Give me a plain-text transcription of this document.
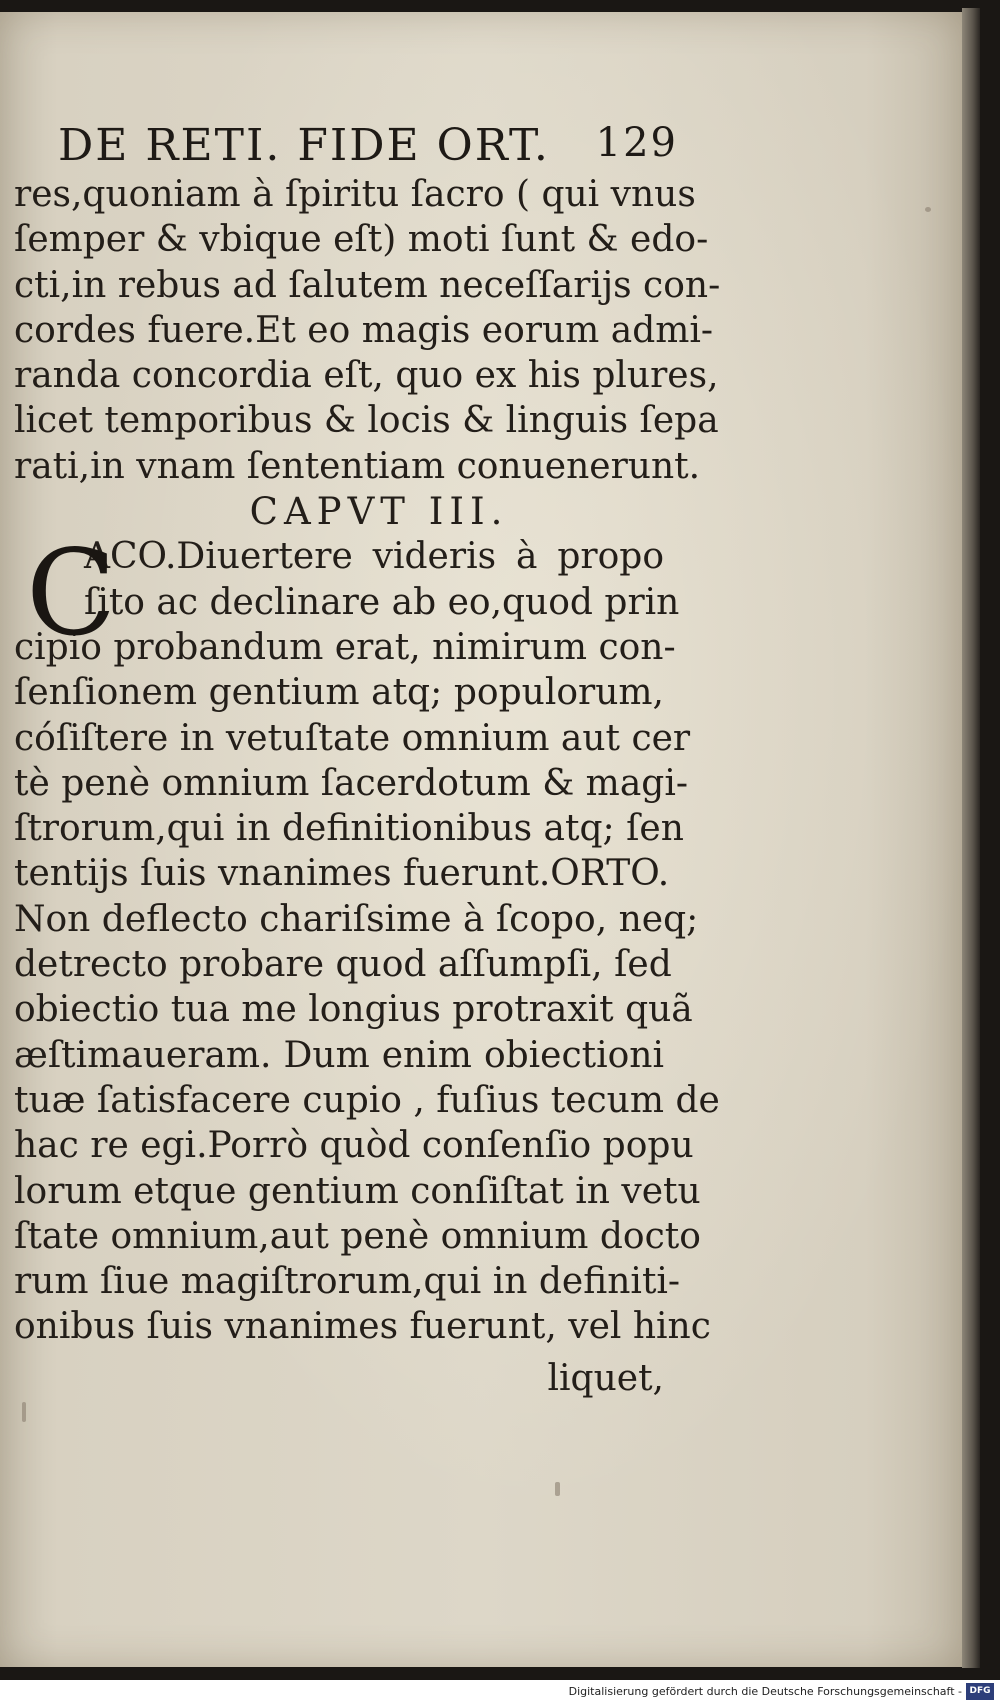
DE RETI. FIDE ORT. 129
res,quoniam à ſpiritu ſacro ( qui vnus
ſemper & vbique eſt) moti ſunt & edo-
cti,in rebus ad ſalutem neceſſarijs con-
cordes fuere.Et eo magis eorum admi-
randa concordia eſt, quo ex his plures,
licet temporibus & locis & linguis ſepa
rati,in vnam ſententiam conuenerunt.
CAPVT III.
C
ACO.Diuertere videris à propo
ſito ac declinare ab eo,quod prin
cipio probandum erat, nimirum con-
ſenſionem gentium atq; populorum,
cóſiſtere in vetuſtate omnium aut cer
tè penè omnium ſacerdotum & magi-
ſtrorum,qui in definitionibus atq; ſen
tentijs ſuis vnanimes fuerunt.ORTO.
Non deflecto chariſsime à ſcopo, neq;
detrecto probare quod aſſumpſi, ſed
obiectio tua me longius protraxit quã
æſtimaueram. Dum enim obiectioni
tuæ ſatisfacere cupio , fuſius tecum de
hac re egi.Porrò quòd conſenſio popu
lorum etque gentium conſiſtat in vetu
ſtate omnium,aut penè omnium docto
rum ſiue magiſtrorum,qui in definiti-
onibus ſuis vnanimes fuerunt, vel hinc
liquet,
Digitalisierung gefördert durch die Deutsche Forschungsgemeinschaft - DFG
